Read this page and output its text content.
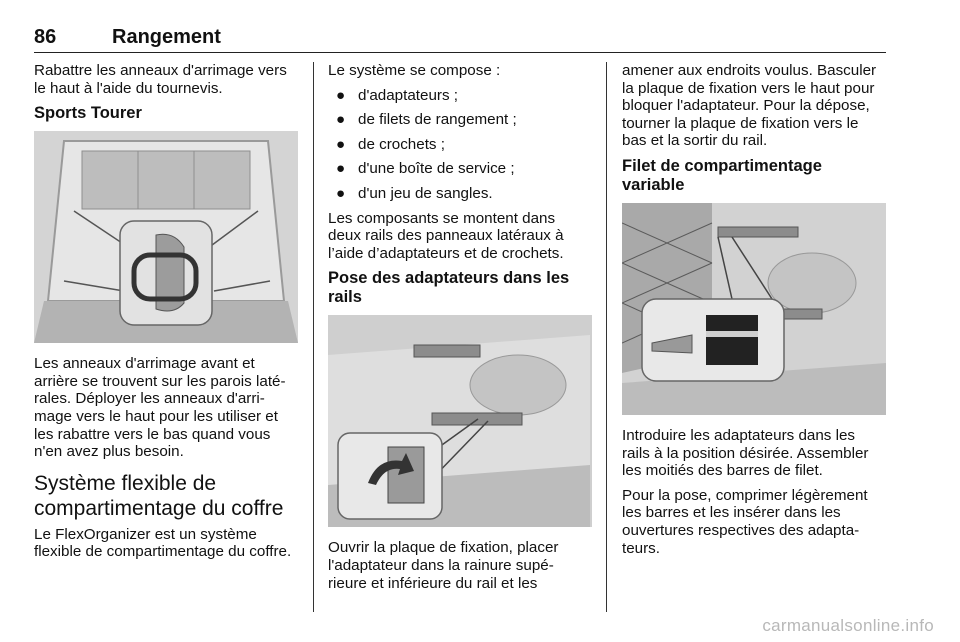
86	Rangement

Rabattre les anneaux d'arrimage vers le haut à l'aide du tournevis.

Sports Tourer

Les anneaux d'arrimage avant et arrière se trouvent sur les parois laté- rales. Déployer les anneaux d'arri- mage vers le haut pour les utiliser et les rabattre vers le bas quand vous n'en avez plus besoin.

Système flexible de compartimentage du coffre

Le FlexOrganizer est un système flexible de compartimentage du coffre.

Le système se compose :

● d'adaptateurs ;
● de filets de rangement ;
● de crochets ;
● d'une boîte de service ;
● d'un jeu de sangles.

Les composants se montent dans deux rails des panneaux latéraux à l’aide d’adaptateurs et de crochets.

Pose des adaptateurs dans les rails

Ouvrir la plaque de fixation, placer l'adaptateur dans la rainure supé- rieure et inférieure du rail et les

amener aux endroits voulus. Basculer la plaque de fixation vers le haut pour bloquer l'adaptateur. Pour la dépose, tourner la plaque de fixation vers le bas et la sortir du rail.

Filet de compartimentage variable

Introduire les adaptateurs dans les rails à la position désirée. Assembler les moitiés des barres de filet.

Pour la pose, comprimer légèrement les barres et les insérer dans les ouvertures respectives des adapta- teurs.

carmanualsonline.info
